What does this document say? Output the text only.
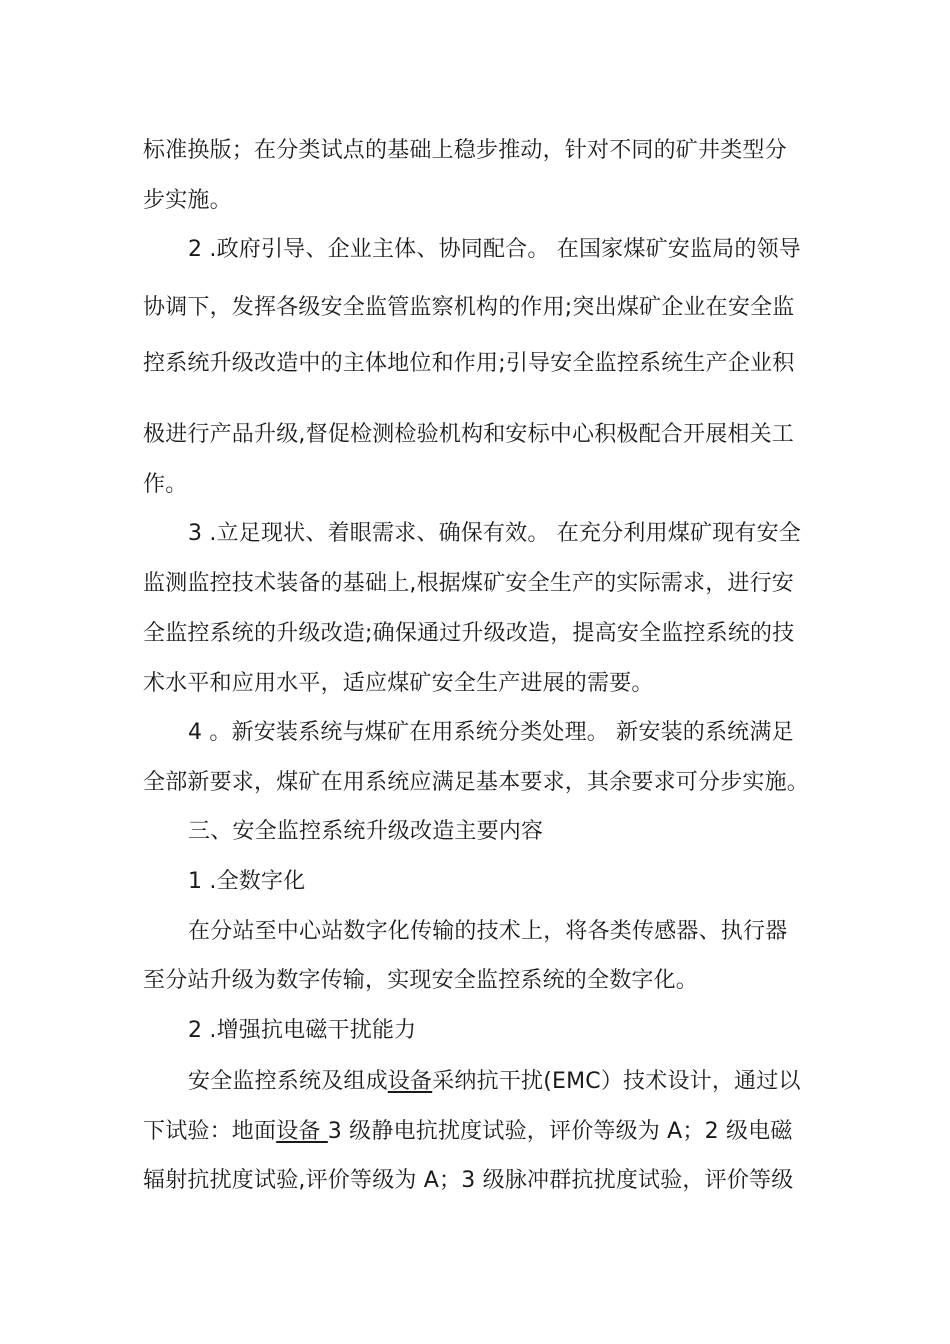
标准换版；在分类试点的基础上稳步推动，针对不同的矿井类型分
步实施。
2 .政府引导、企业主体、协同配合。 在国家煤矿安监局的领导
协调下，发挥各级安全监管监察机构的作用;突出煤矿企业在安全监
控系统升级改造中的主体地位和作用;引导安全监控系统生产企业积
极进行产品升级,督促检测检验机构和安标中心积极配合开展相关工
作。
3 .立足现状、着眼需求、确保有效。 在充分利用煤矿现有安全
监测监控技术装备的基础上,根据煤矿安全生产的实际需求，进行安
全监控系统的升级改造;确保通过升级改造，提高安全监控系统的技
术水平和应用水平，适应煤矿安全生产进展的需要。
4 。新安装系统与煤矿在用系统分类处理。 新安装的系统满足
全部新要求，煤矿在用系统应满足基本要求，其余要求可分步实施。
三、安全监控系统升级改造主要内容
1 .全数字化
在分站至中心站数字化传输的技术上，将各类传感器、执行器
至分站升级为数字传输，实现安全监控系统的全数字化。
2 .增强抗电磁干扰能力
安全监控系统及组成设备采纳抗干扰(EMC）技术设计，通过以
下试验：地面设备 3 级静电抗扰度试验，评价等级为 A；2 级电磁
辐射抗扰度试验,评价等级为 A；3 级脉冲群抗扰度试验，评价等级
